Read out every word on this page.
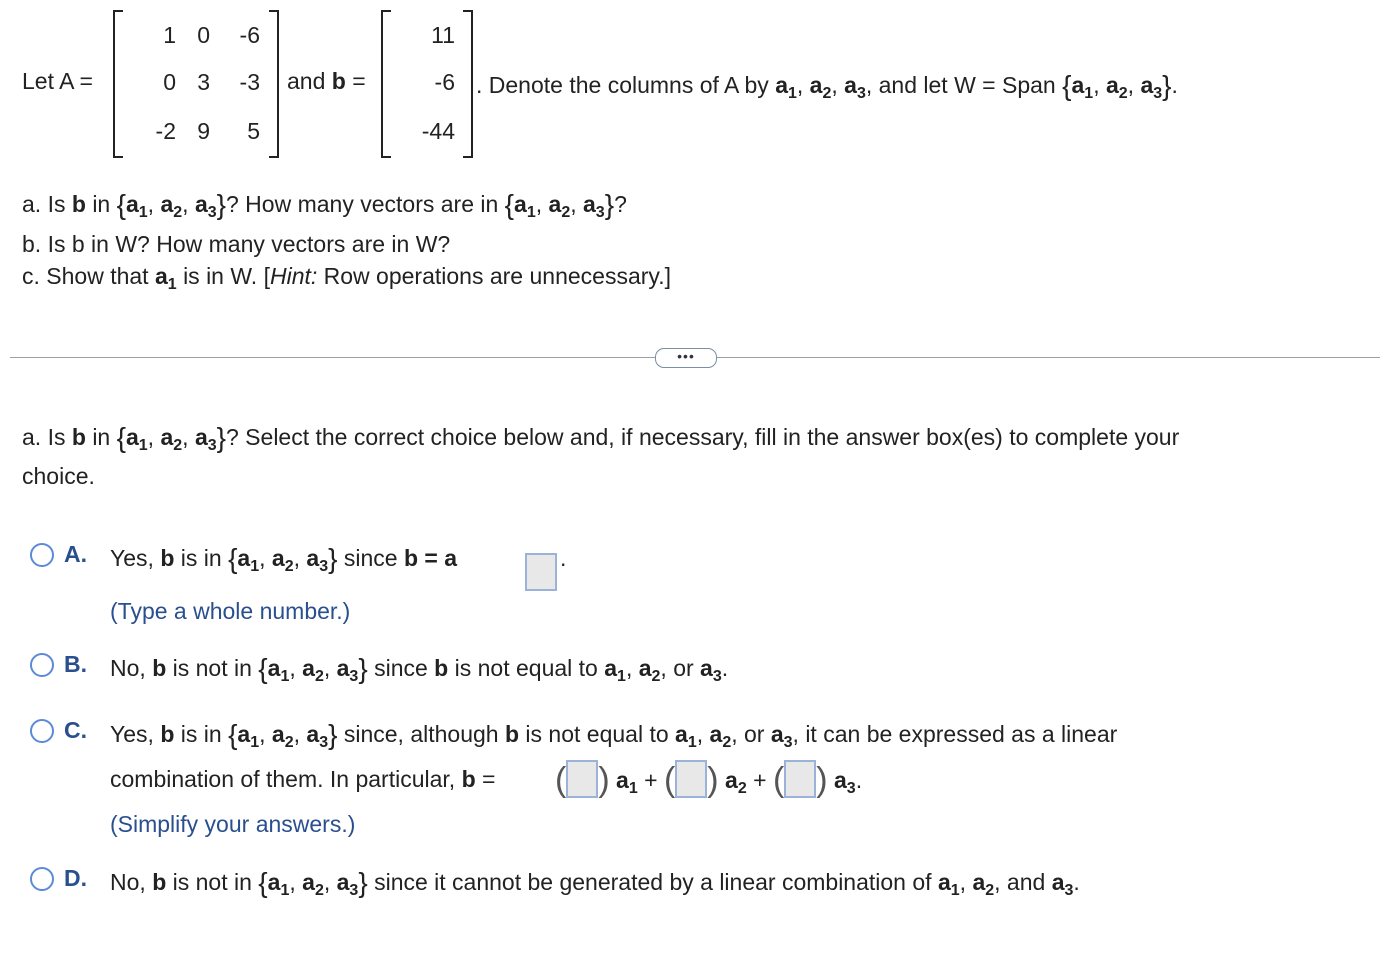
Let A =
1 0	-6
0 3	-3
-2 9	5
and b =
11
-6
-44
. Denote the columns of A by $a_1$, $a_2$, $a_3$, and let W = Span {$a_1$, $a_2$, $a_3$}.
a. Is b in {$a_1$, $a_2$, $a_3$}? How many vectors are in {$a_1$, $a_2$, $a_3$}?
b. Is b in W? How many vectors are in W?
c. Show that $a_1$ is in W. [Hint: Row operations are unnecessary.]
•••
a. Is b in {$a_1$, $a_2$, $a_3$}? Select the correct choice below and, if necessary, fill in the answer box(es) to complete your
choice.
A. Yes, b is in {$a_1$, $a_2$, $a_3$} since b = a	.
(Type a whole number.)
B. No, b is not in {$a_1$, $a_2$, $a_3$} since b is not equal to $a_1$, $a_2$, or $a_3$.
C. Yes, b is in {$a_1$, $a_2$, $a_3$} since, although b is not equal to $a_1$, $a_2$, or $a_3$, it can be expressed as a linear
combination of them. In particular, b = ( ) $a_1$ + ( ) $a_2$ + ( ) $a_3$.
(Simplify your answers.)
D. No, b is not in {$a_1$, $a_2$, $a_3$} since it cannot be generated by a linear combination of $a_1$, $a_2$, and $a_3$.
